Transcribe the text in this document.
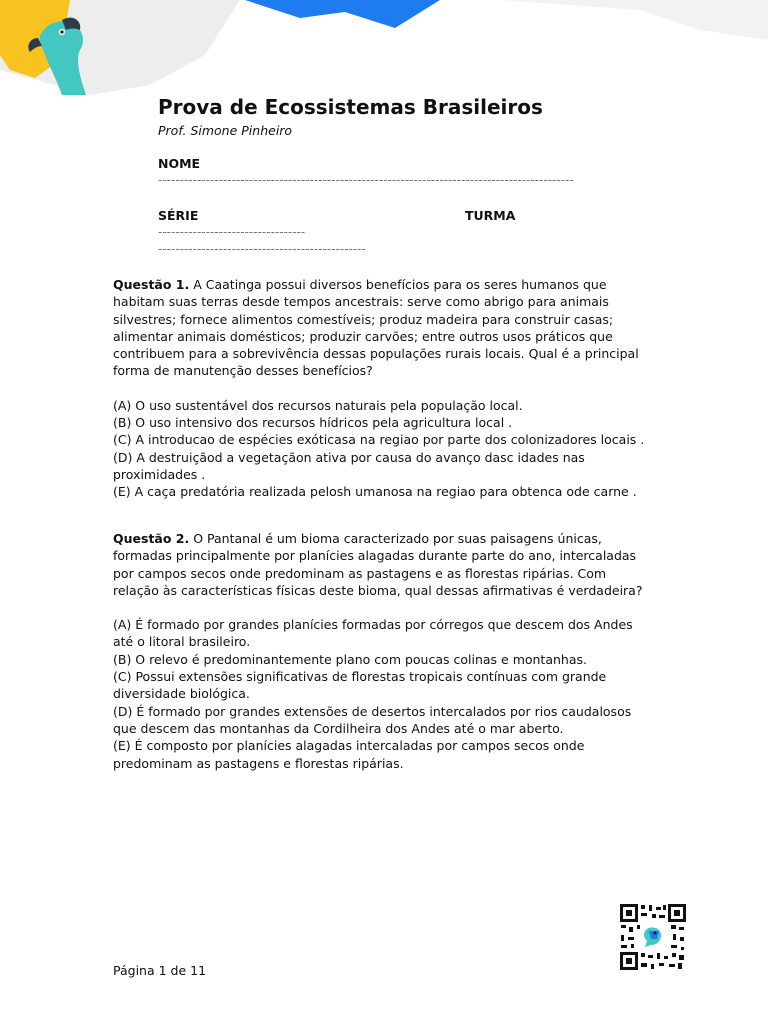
Prova de Ecossistemas Brasileiros
Prof. Simone Pinheiro
NOME
------------------------------------------------------------------------------------------------
SÉRIE
----------------------------------
TURMA
------------------------------------------------
Questão 1. A Caatinga possui diversos benefícios para os seres humanos que habitam suas terras desde tempos ancestrais: serve como abrigo para animais silvestres; fornece alimentos comestíveis; produz madeira para construir casas; alimentar animais domésticos; produzir carvões; entre outros usos práticos que contribuem para a sobrevivência dessas populações rurais locais. Qual é a principal forma de manutenção desses benefícios?
(A) O uso sustentável dos recursos naturais pela população local.
(B) O uso intensivo dos recursos hídricos pela agricultura local .
(C) A introducao de espécies exóticasa na regiao por parte dos colonizadores locais .
(D) A destruiçãod a vegetaçãon ativa por causa do avanço dasc idades nas proximidades .
(E) A caça predatória realizada pelosh umanosa na regiao para obtenca ode carne .
Questão 2. O Pantanal é um bioma caracterizado por suas paisagens únicas, formadas principalmente por planícies alagadas durante parte do ano, intercaladas por campos secos onde predominam as pastagens e as florestas ripárias. Com relação às características físicas deste bioma, qual dessas afirmativas é verdadeira?
(A) É formado por grandes planícies formadas por córregos que descem dos Andes até o litoral brasileiro.
(B) O relevo é predominantemente plano com poucas colinas e montanhas.
(C) Possui extensões significativas de florestas tropicais contínuas com grande diversidade biológica.
(D) É formado por grandes extensões de desertos intercalados por rios caudalosos que descem das montanhas da Cordilheira dos Andes até o mar aberto.
(E) É composto por planícies alagadas intercaladas por campos secos onde predominam as pastagens e florestas ripárias.
Página 1 de 11
